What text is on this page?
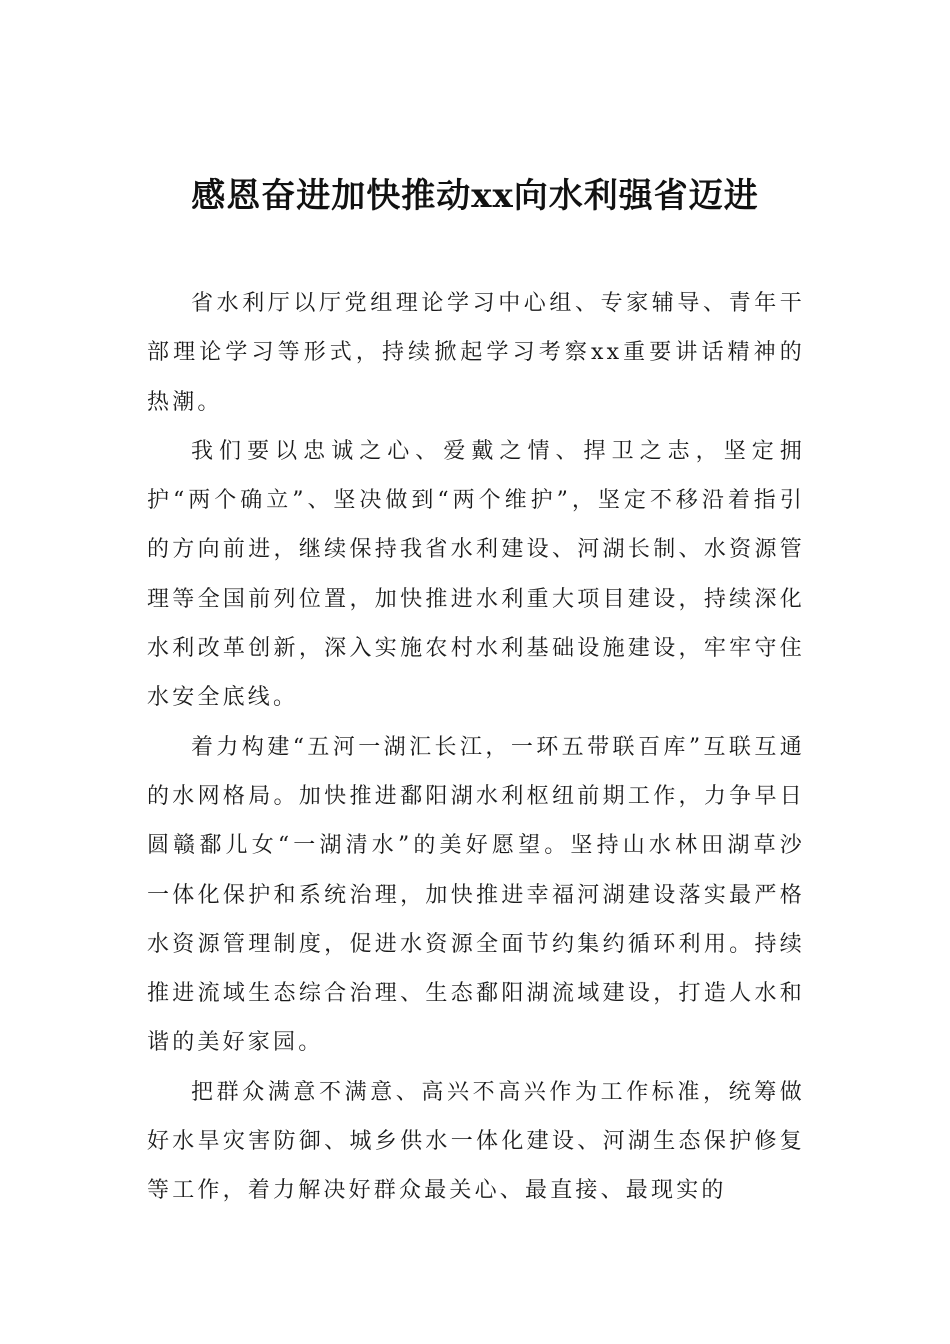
感恩奋进加快推动xx向水利强省迈进

省水利厅以厅党组理论学习中心组、专家辅导、青年干部理论学习等形式，持续掀起学习考察xx重要讲话精神的热潮。

我们要以忠诚之心、爱戴之情、捍卫之志，坚定拥护“两个确立”、坚决做到“两个维护”，坚定不移沿着指引的方向前进，继续保持我省水利建设、河湖长制、水资源管理等全国前列位置，加快推进水利重大项目建设，持续深化水利改革创新，深入实施农村水利基础设施建设，牢牢守住水安全底线。

着力构建“五河一湖汇长江，一环五带联百库”互联互通的水网格局。加快推进鄱阳湖水利枢纽前期工作，力争早日圆赣鄱儿女“一湖清水”的美好愿望。坚持山水林田湖草沙一体化保护和系统治理，加快推进幸福河湖建设落实最严格水资源管理制度，促进水资源全面节约集约循环利用。持续推进流域生态综合治理、生态鄱阳湖流域建设，打造人水和谐的美好家园。

把群众满意不满意、高兴不高兴作为工作标准，统筹做好水旱灾害防御、城乡供水一体化建设、河湖生态保护修复等工作，着力解决好群众最关心、最直接、最现实的
